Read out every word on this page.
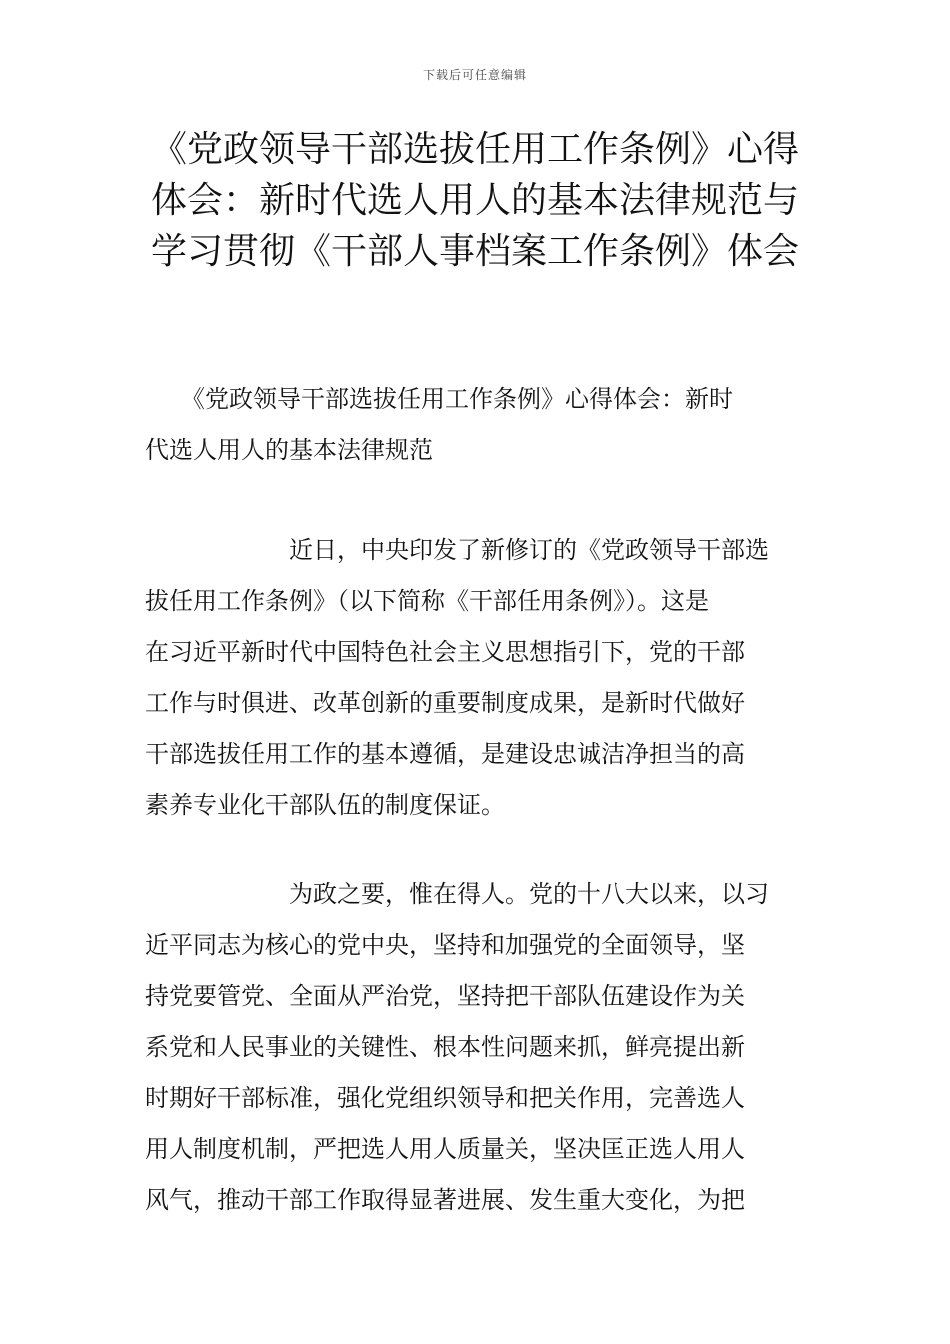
下载后可任意编辑
《党政领导干部选拔任用工作条例》心得
体会：新时代选人用人的基本法律规范与
学习贯彻《干部人事档案工作条例》体会

　　《党政领导干部选拔任用工作条例》心得体会：新时
代选人用人的基本法律规范

　　　　　　近日，中央印发了新修订的《党政领导干部选
拔任用工作条例》（以下简称《干部任用条例》）。这是
在习近平新时代中国特色社会主义思想指引下，党的干部
工作与时俱进、改革创新的重要制度成果，是新时代做好
干部选拔任用工作的基本遵循，是建设忠诚洁净担当的高
素养专业化干部队伍的制度保证。

　　　　　　为政之要，惟在得人。党的十八大以来，以习
近平同志为核心的党中央，坚持和加强党的全面领导，坚
持党要管党、全面从严治党，坚持把干部队伍建设作为关
系党和人民事业的关键性、根本性问题来抓，鲜亮提出新
时期好干部标准，强化党组织领导和把关作用，完善选人
用人制度机制，严把选人用人质量关，坚决匡正选人用人
风气，推动干部工作取得显著进展、发生重大变化，为把
